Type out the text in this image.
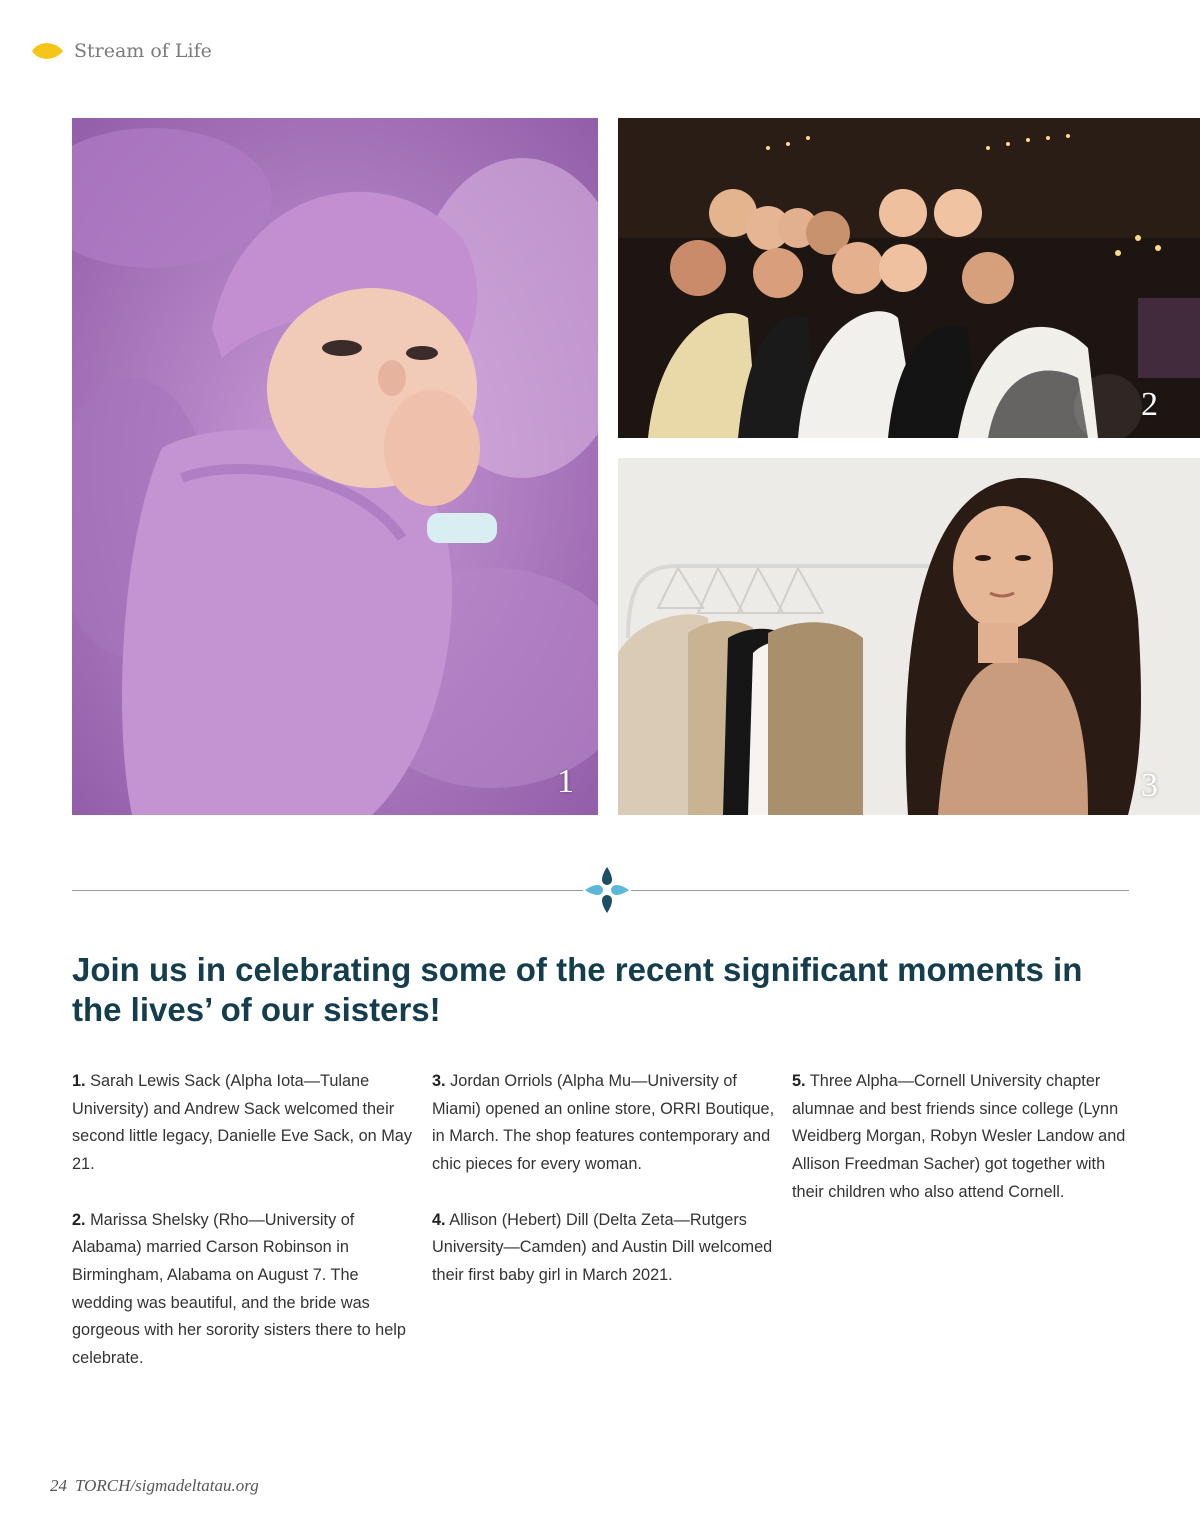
Stream of Life
1
2
3
Join us in celebrating some of the recent significant moments in the lives’ of our sisters!

1. Sarah Lewis Sack (Alpha Iota—Tulane University) and Andrew Sack welcomed their second little legacy, Danielle Eve Sack, on May 21.

2. Marissa Shelsky (Rho—University of Alabama) married Carson Robinson in Birmingham, Alabama on August 7. The wedding was beautiful, and the bride was gorgeous with her sorority sisters there to help celebrate.

3. Jordan Orriols (Alpha Mu—University of Miami) opened an online store, ORRI Boutique, in March. The shop features contemporary and chic pieces for every woman.

4. Allison (Hebert) Dill (Delta Zeta—Rutgers University—Camden) and Austin Dill welcomed their first baby girl in March 2021.

5. Three Alpha—Cornell University chapter alumnae and best friends since college (Lynn Weidberg Morgan, Robyn Wesler Landow and Allison Freedman Sacher) got together with their children who also attend Cornell.

24 TORCH/sigmadeltatau.org
